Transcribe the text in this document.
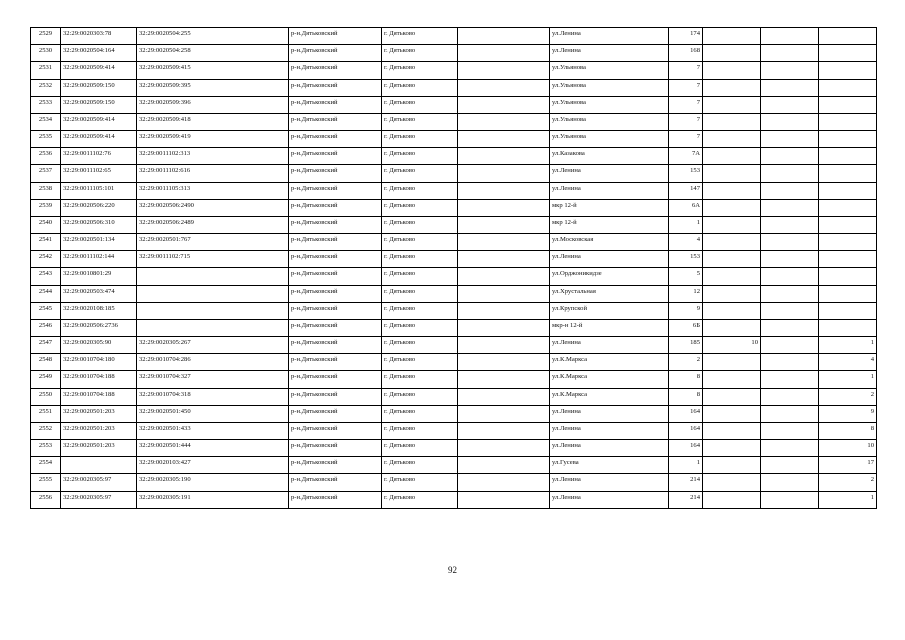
2529	32:29:0020303:78	32:29:0020504:255	р-н.Дятьковский	г. Дятьково		ул.Ленина	174			
2530	32:29:0020504:164	32:29:0020504:258	р-н.Дятьковский	г. Дятьково		ул.Ленина	168			
2531	32:29:0020509:414	32:29:0020509:415	р-н.Дятьковский	г. Дятьково		ул.Ульянова	7			
2532	32:29:0020509:150	32:29:0020509:395	р-н.Дятьковский	г. Дятьково		ул.Ульянова	7			
2533	32:29:0020509:150	32:29:0020509:396	р-н.Дятьковский	г. Дятьково		ул.Ульянова	7			
2534	32:29:0020509:414	32:29:0020509:418	р-н.Дятьковский	г. Дятьково		ул.Ульянова	7			
2535	32:29:0020509:414	32:29:0020509:419	р-н.Дятьковский	г. Дятьково		ул.Ульянова	7			
2536	32:29:0011102:76	32:29:0011102:313	р-н.Дятьковский	г. Дятьково		ул.Казакова	7А			
2537	32:29:0011102:65	32:29:0011102:616	р-н.Дятьковский	г. Дятьково		ул.Ленина	153			
2538	32:29:0011105:101	32:29:0011105:313	р-н.Дятьковский	г. Дятьково		ул.Ленина	147			
2539	32:29:0020506:220	32:29:0020506:2490	р-н.Дятьковский	г. Дятьково		мкр 12-й	6А			
2540	32:29:0020506:310	32:29:0020506:2489	р-н.Дятьковский	г. Дятьково		мкр 12-й	1			
2541	32:29:0020501:134	32:29:0020501:767	р-н.Дятьковский	г. Дятьково		ул.Московская	4			
2542	32:29:0011102:144	32:29:0011102:715	р-н.Дятьковский	г. Дятьково		ул.Ленина	153			
2543	32:29:0010801:29		р-н.Дятьковский	г. Дятьково		ул.Орджоникидзе	5			
2544	32:29:0020503:474		р-н.Дятьковский	г. Дятьково		ул.Хрустальная	12			
2545	32:29:0020108:185		р-н.Дятьковский	г. Дятьково		ул.Крупской	9			
2546	32:29:0020506:2736		р-н.Дятьковский	г. Дятьково		мкр-н 12-й	6Б			
2547	32:29:0020305:90	32:29:0020305:267	р-н.Дятьковский	г. Дятьково		ул.Ленина	185	10		1
2548	32:29:0010704:180	32:29:0010704:286	р-н.Дятьковский	г. Дятьково		ул.К.Маркса	2			4
2549	32:29:0010704:188	32:29:0010704:327	р-н.Дятьковский	г. Дятьково		ул.К.Маркса	8			1
2550	32:29:0010704:188	32:29:0010704:318	р-н.Дятьковский	г. Дятьково		ул.К.Маркса	8			2
2551	32:29:0020501:203	32:29:0020501:450	р-н.Дятьковский	г. Дятьково		ул.Ленина	164			9
2552	32:29:0020501:203	32:29:0020501:433	р-н.Дятьковский	г. Дятьково		ул.Ленина	164			8
2553	32:29:0020501:203	32:29:0020501:444	р-н.Дятьковский	г. Дятьково		ул.Ленина	164			10
2554		32:29:0020103:427	р-н.Дятьковский	г. Дятьково		ул.Гусева	1			17
2555	32:29:0020305:97	32:29:0020305:190	р-н.Дятьковский	г. Дятьково		ул.Ленина	214			2
2556	32:29:0020305:97	32:29:0020305:191	р-н.Дятьковский	г. Дятьково		ул.Ленина	214			1
92
